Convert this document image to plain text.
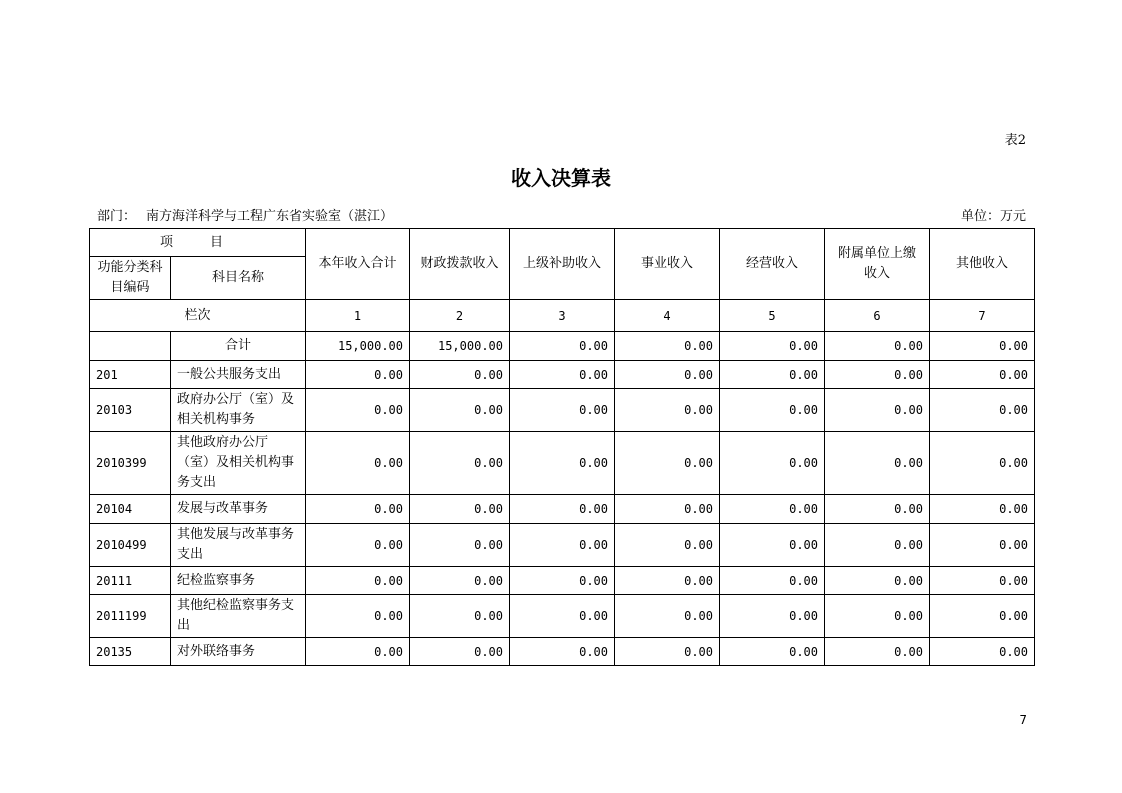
表2
收入决算表
部门： 南方海洋科学与工程广东省实验室（湛江）	单位：万元
项　目		本年收入合计	财政拨款收入	上级补助收入	事业收入	经营收入	附属单位上缴收入	其他收入
功能分类科目编码	科目名称							
栏次		1	2	3	4	5	6	7
	合计	15,000.00	15,000.00	0.00	0.00	0.00	0.00	0.00
201	一般公共服务支出	0.00	0.00	0.00	0.00	0.00	0.00	0.00
20103	政府办公厅（室）及相关机构事务	0.00	0.00	0.00	0.00	0.00	0.00	0.00
2010399	其他政府办公厅（室）及相关机构事务支出	0.00	0.00	0.00	0.00	0.00	0.00	0.00
20104	发展与改革事务	0.00	0.00	0.00	0.00	0.00	0.00	0.00
2010499	其他发展与改革事务支出	0.00	0.00	0.00	0.00	0.00	0.00	0.00
20111	纪检监察事务	0.00	0.00	0.00	0.00	0.00	0.00	0.00
2011199	其他纪检监察事务支出	0.00	0.00	0.00	0.00	0.00	0.00	0.00
20135	对外联络事务	0.00	0.00	0.00	0.00	0.00	0.00	0.00
7
